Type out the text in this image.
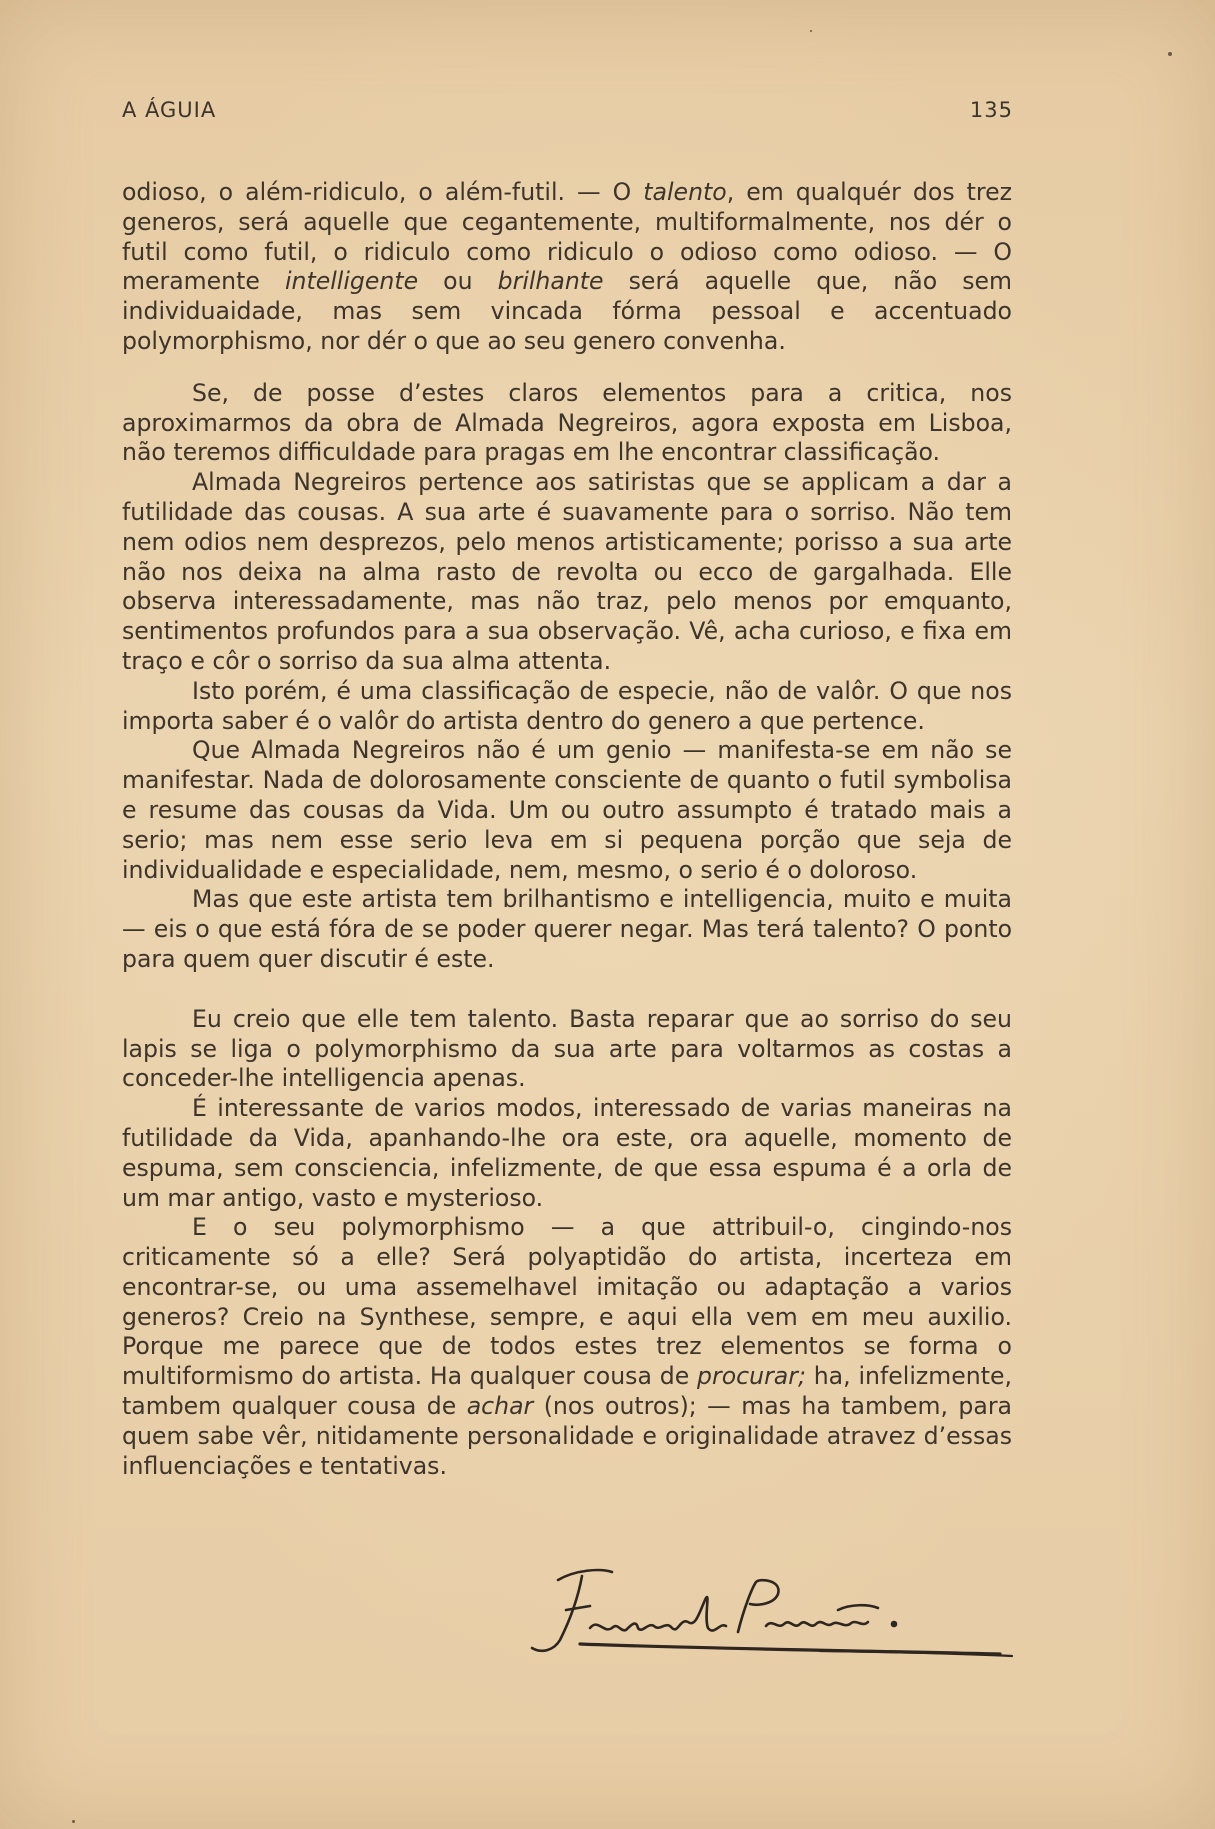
A ÁGUIA	135

odioso, o além-ridiculo, o além-futil. — O talento, em qualquér dos trez generos, será aquelle que cegantemente, multiformalmente, nos dér o futil como futil, o ridiculo como ridiculo o odioso como odioso. — O meramente intelligente ou brilhante será aquelle que, não sem individuaidade, mas sem vincada fórma pessoal e accentuado polymorphismo, nor dér o que ao seu genero convenha.

Se, de posse d’estes claros elementos para a critica, nos aproximarmos da obra de Almada Negreiros, agora exposta em Lisboa, não teremos difficuldade para pragas em lhe encontrar classificação.

Almada Negreiros pertence aos satiristas que se applicam a dar a futilidade das cousas. A sua arte é suavamente para o sorriso. Não tem nem odios nem desprezos, pelo menos artisticamente; porisso a sua arte não nos deixa na alma rasto de revolta ou ecco de gargalhada. Elle observa interessadamente, mas não traz, pelo menos por emquanto, sentimentos profundos para a sua observação. Vê, acha curioso, e fixa em traço e côr o sorriso da sua alma attenta.

Isto porém, é uma classificação de especie, não de valôr. O que nos importa saber é o valôr do artista dentro do genero a que pertence.

Que Almada Negreiros não é um genio — manifesta-se em não se manifestar. Nada de dolorosamente consciente de quanto o futil symbolisa e resume das cousas da Vida. Um ou outro assumpto é tratado mais a serio; mas nem esse serio leva em si pequena porção que seja de individualidade e especialidade, nem, mesmo, o serio é o doloroso.

Mas que este artista tem brilhantismo e intelligencia, muito e muita — eis o que está fóra de se poder querer negar. Mas terá talento? O ponto para quem quer discutir é este.

Eu creio que elle tem talento. Basta reparar que ao sorriso do seu lapis se liga o polymorphismo da sua arte para voltarmos as costas a conceder-lhe intelligencia apenas.

É interessante de varios modos, interessado de varias maneiras na futilidade da Vida, apanhando-lhe ora este, ora aquelle, momento de espuma, sem consciencia, infelizmente, de que essa espuma é a orla de um mar antigo, vasto e mysterioso.

E o seu polymorphismo — a que attribuil-o, cingindo-nos criticamente só a elle? Será polyaptidão do artista, incerteza em encontrar-se, ou uma assemelhavel imitação ou adaptação a varios generos? Creio na Synthese, sempre, e aqui ella vem em meu auxilio. Porque me parece que de todos estes trez elementos se forma o multiformismo do artista. Ha qualquer cousa de procurar; ha, infelizmente, tambem qualquer cousa de achar (nos outros); — mas ha tambem, para quem sabe vêr, nitidamente personalidade e originalidade atravez d’essas influenciações e tentativas.
